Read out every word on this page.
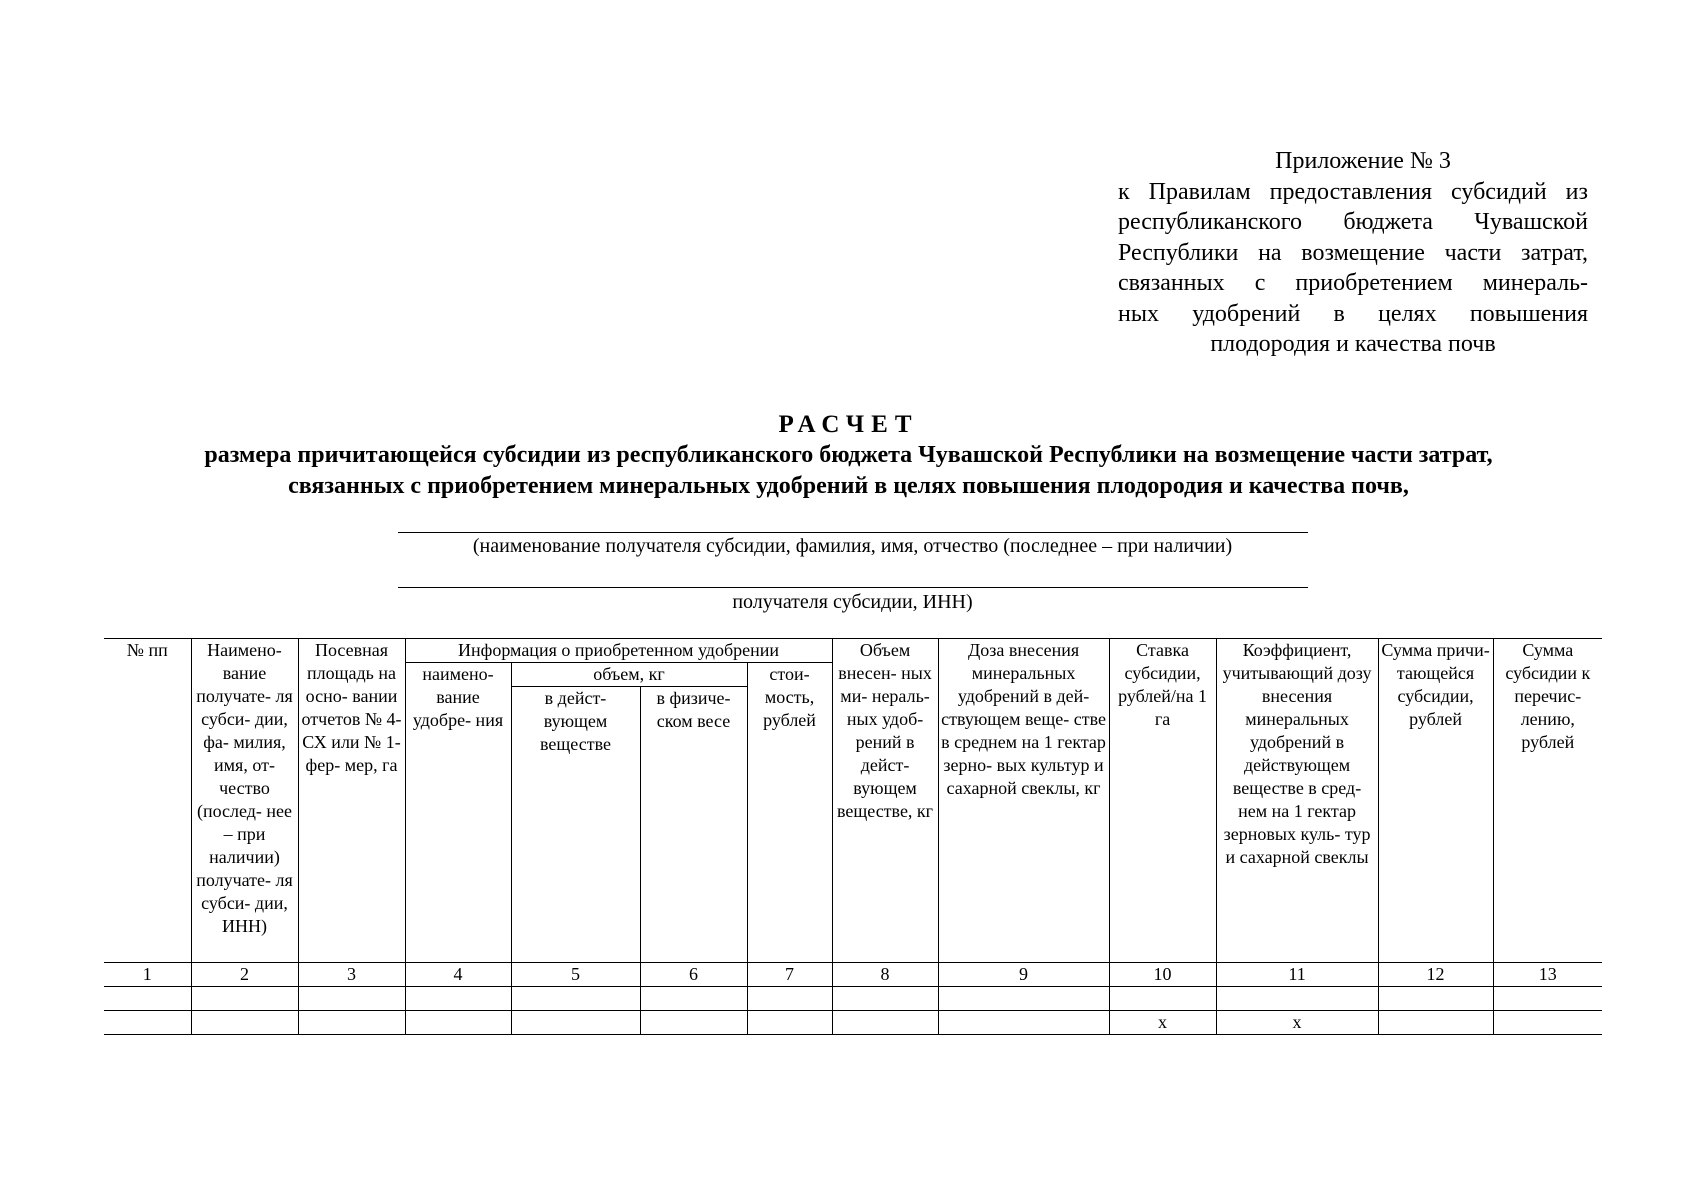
Приложение № 3
к Правилам предоставления субсидий из
республиканского бюджета Чувашской
Республики на возмещение части затрат,
связанных с приобретением минераль-
ных удобрений в целях повышения
плодородия и качества почв
РАСЧЕТ
размера причитающейся субсидии из республиканского бюджета Чувашской Республики на возмещение части затрат,
связанных с приобретением минеральных удобрений в целях повышения плодородия и качества почв,
(наименование получателя субсидии, фамилия, имя, отчество (последнее – при наличии)
получателя субсидии, ИНН)
№ пп	Наимено- вание получате- ля субси- дии, фа- милия, имя, от- чество (послед- нее – при наличии) получате- ля субси- дии, ИНН)	Посевная площадь на осно- вании отчетов № 4-СХ или № 1-фер- мер, га	Информация о приобретенном удобрении				Объем внесен- ных ми- нераль- ных удоб- рений в дейст- вующем веществе, кг	Доза внесения минеральных удобрений в дей- ствующем веще- стве в среднем на 1 гектар зерно- вых культур и сахарной свеклы, кг	Ставка субсидии, рублей/на 1 га	Коэффициент, учитывающий дозу внесения минеральных удобрений в действующем веществе в сред- нем на 1 гектар зерновых куль- тур и сахарной свеклы	Сумма причи- тающейся субсидии, рублей	Сумма субсидии к перечис- лению, рублей
			наимено- вание удобре- ния	объем, кг		стои- мость, рублей						
				в дейст- вующем веществе	в физиче- ском весе							
1	2	3	4	5	6	7	8	9	10	11	12	13

									x	x		
